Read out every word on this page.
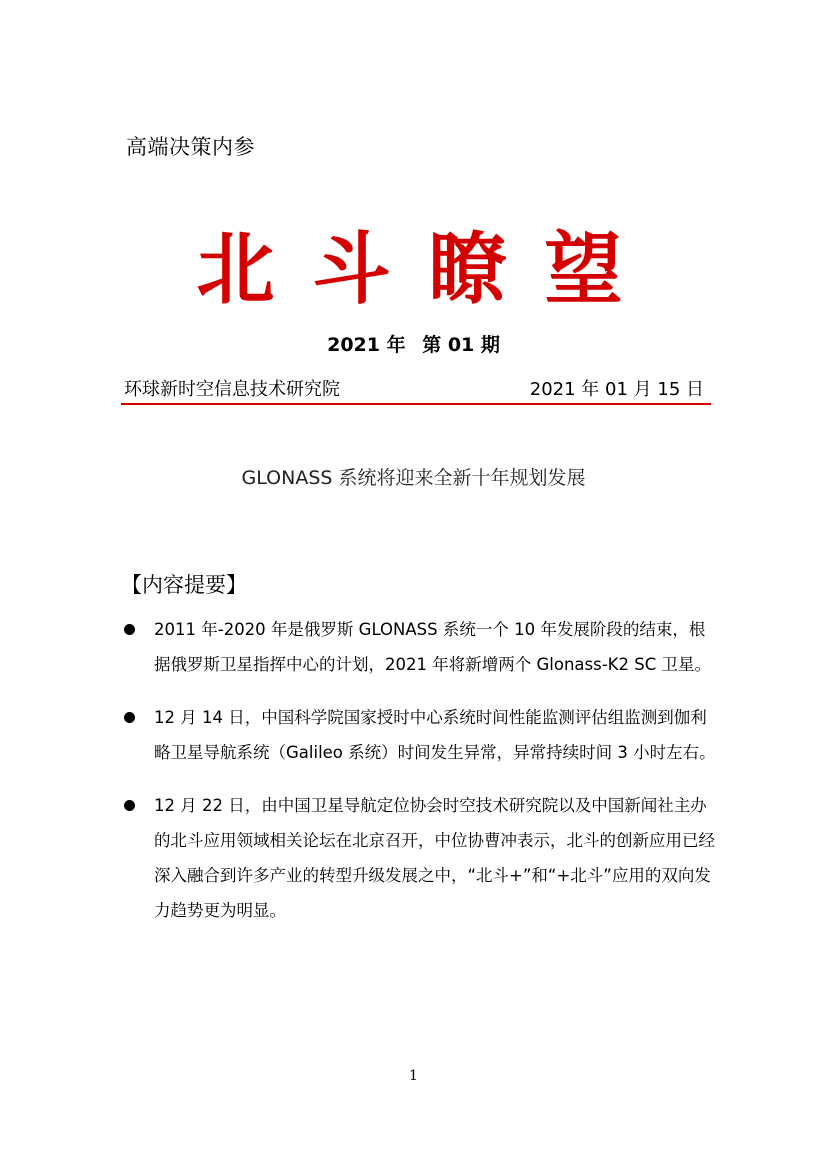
高端决策内参
北斗瞭望
2021 年 第 01 期
环球新时空信息技术研究院	2021 年 01 月 15 日
GLONASS 系统将迎来全新十年规划发展
【内容提要】
2011 年-2020 年是俄罗斯 GLONASS 系统一个 10 年发展阶段的结束，根据俄罗斯卫星指挥中心的计划，2021 年将新增两个 Glonass-K2 SC 卫星。
12 月 14 日，中国科学院国家授时中心系统时间性能监测评估组监测到伽利略卫星导航系统（Galileo 系统）时间发生异常，异常持续时间 3 小时左右。
12 月 22 日，由中国卫星导航定位协会时空技术研究院以及中国新闻社主办的北斗应用领域相关论坛在北京召开，中位协曹冲表示，北斗的创新应用已经深入融合到许多产业的转型升级发展之中，“北斗+”和“+北斗”应用的双向发力趋势更为明显。
1
